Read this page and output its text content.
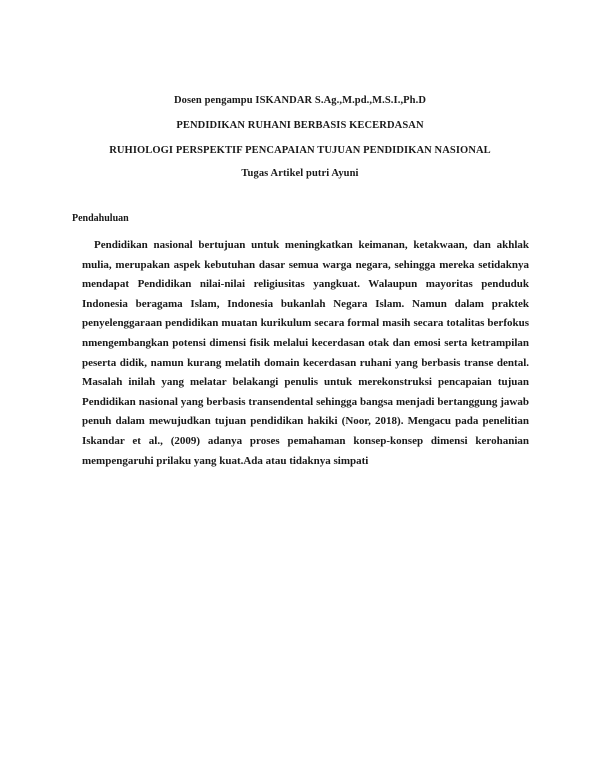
Dosen pengampu ISKANDAR S.Ag.,M.pd.,M.S.I.,Ph.D
PENDIDIKAN RUHANI BERBASIS KECERDASAN
RUHIOLOGI PERSPEKTIF PENCAPAIAN TUJUAN PENDIDIKAN NASIONAL
Tugas Artikel putri Ayuni
Pendahuluan

Pendidikan nasional bertujuan untuk meningkatkan keimanan, ketakwaan, dan akhlak mulia, merupakan aspek kebutuhan dasar semua warga negara, sehingga mereka setidaknya mendapat Pendidikan nilai-nilai religiusitas yangkuat. Walaupun mayoritas penduduk Indonesia beragama Islam, Indonesia bukanlah Negara Islam. Namun dalam praktek penyelenggaraan pendidikan muatan kurikulum secara formal masih secara totalitas berfokus nmengembangkan potensi dimensi fisik melalui kecerdasan otak dan emosi serta ketrampilan peserta didik, namun kurang melatih domain kecerdasan ruhani yang berbasis transe dental. Masalah inilah yang melatar belakangi penulis untuk merekonstruksi pencapaian tujuan Pendidikan nasional yang berbasis transendental sehingga bangsa menjadi bertanggung jawab penuh dalam mewujudkan tujuan pendidikan hakiki (Noor, 2018). Mengacu pada penelitian Iskandar et al., (2009) adanya proses pemahaman konsep-konsep dimensi kerohanian mempengaruhi prilaku yang kuat.Ada atau tidaknya simpati
